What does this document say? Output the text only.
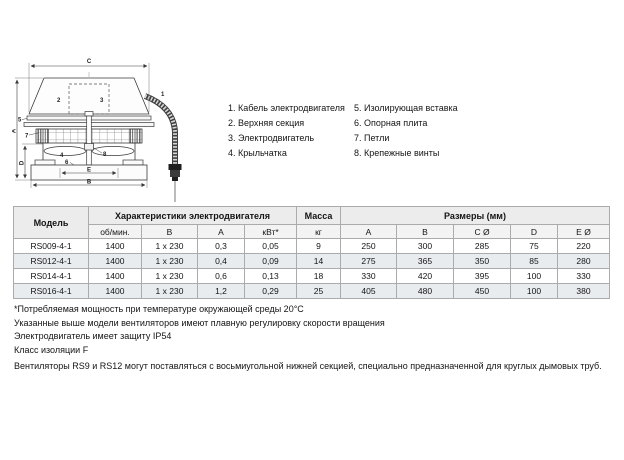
C
A
D
E
B
1
2	3
4
5
6
7
8
1. Кабель электродвигателя
2. Верхняя секция
3. Электродвигатель
4. Крыльчатка
5. Изолирующая вставка
6. Опорная плита
7. Петли
8. Крепежные винты
Модель	Характеристики электродвигателя				Масса	Размеры (мм)				
	об/мин.	В	А	кВт*	кг	A	B	C Ø	D	E Ø
RS009-4-1	1400	1 x 230	0,3	0,05	9	250	300	285	75	220
RS012-4-1	1400	1 x 230	0,4	0,09	14	275	365	350	85	280
RS014-4-1	1400	1 x 230	0,6	0,13	18	330	420	395	100	330
RS016-4-1	1400	1 x 230	1,2	0,29	25	405	480	450	100	380
*Потребляемая мощность при температуре окружающей среды 20°C
Указанные выше модели вентиляторов имеют плавную регулировку скорости вращения
Электродвигатель имеет защиту IP54
Класс изоляции F
Вентиляторы RS9 и RS12 могут поставляться с восьмиугольной нижней секцией, специально предназначенной для круглых дымовых труб.
